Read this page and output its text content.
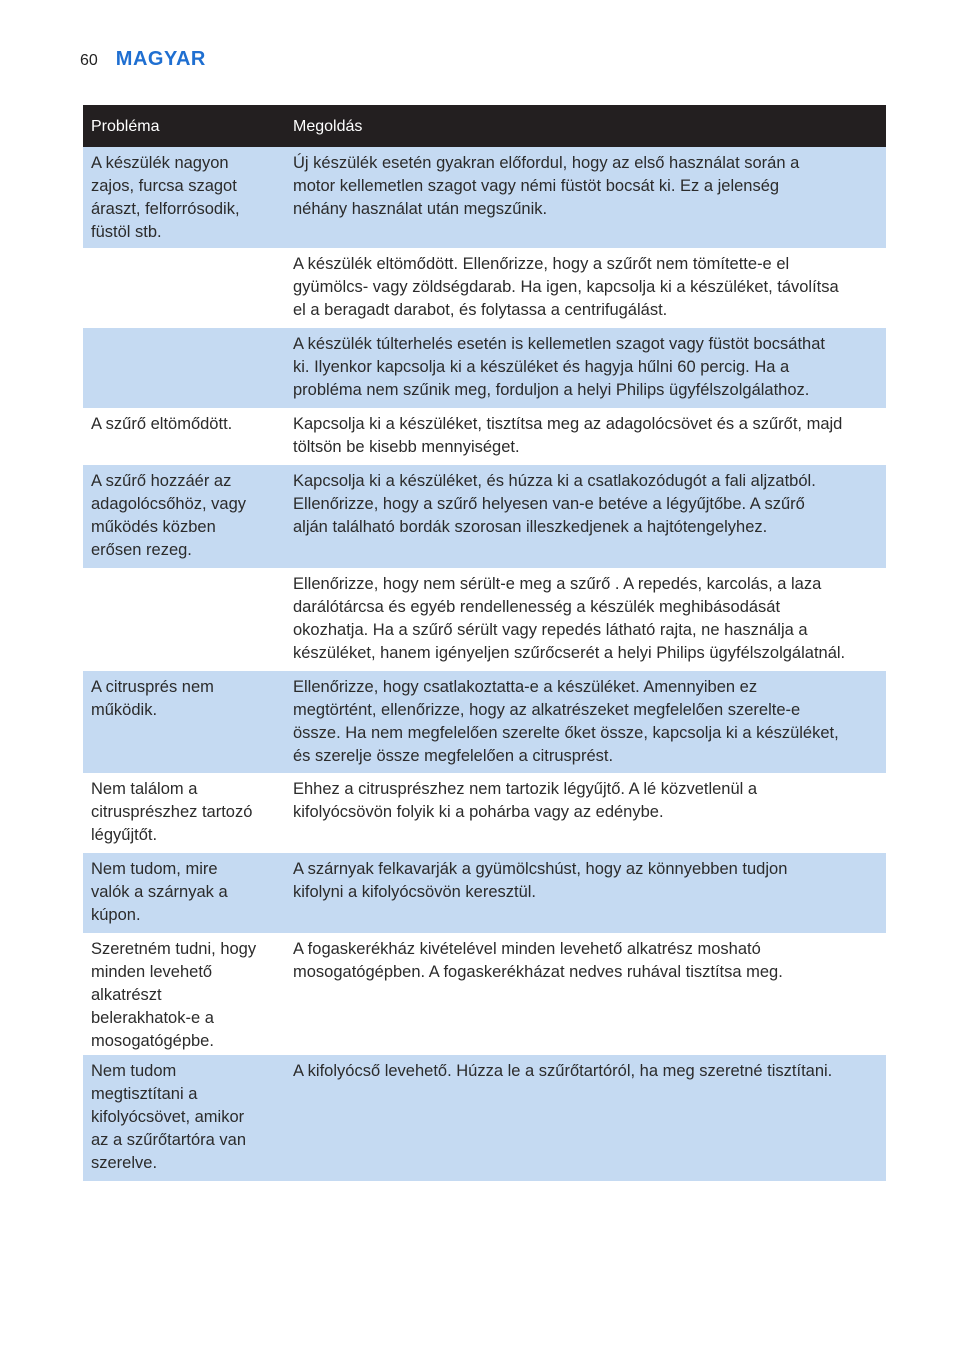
60 MAGYAR
Probléma	Megoldás
A készülék nagyon
zajos, furcsa szagot
áraszt, felforrósodik,
füstöl stb.
Új készülék esetén gyakran előfordul, hogy az első használat során a
motor kellemetlen szagot vagy némi füstöt bocsát ki. Ez a jelenség
néhány használat után megszűnik.
A készülék eltömődött. Ellenőrizze, hogy a szűrőt nem tömítette-e el
gyümölcs- vagy zöldségdarab. Ha igen, kapcsolja ki a készüléket, távolítsa
el a beragadt darabot, és folytassa a centrifugálást.
A készülék túlterhelés esetén is kellemetlen szagot vagy füstöt bocsáthat
ki. Ilyenkor kapcsolja ki a készüléket és hagyja hűlni 60 percig. Ha a
probléma nem szűnik meg, forduljon a helyi Philips ügyfélszolgálathoz.
A szűrő eltömődött.	Kapcsolja ki a készüléket, tisztítsa meg az adagolócsövet és a szűrőt, majd
töltsön be kisebb mennyiséget.
A szűrő hozzáér az
adagolócsőhöz, vagy
működés közben
erősen rezeg.
Kapcsolja ki a készüléket, és húzza ki a csatlakozódugót a fali aljzatból.
Ellenőrizze, hogy a szűrő helyesen van-e betéve a légyűjtőbe. A szűrő
alján található bordák szorosan illeszkedjenek a hajtótengelyhez.
Ellenőrizze, hogy nem sérült-e meg a szűrő . A repedés, karcolás, a laza
darálótárcsa és egyéb rendellenesség a készülék meghibásodását
okozhatja. Ha a szűrő sérült vagy repedés látható rajta, ne használja a
készüléket, hanem igényeljen szűrőcserét a helyi Philips ügyfélszolgálatnál.
A citrusprés nem
működik.
Ellenőrizze, hogy csatlakoztatta-e a készüléket. Amennyiben ez
megtörtént, ellenőrizze, hogy az alkatrészeket megfelelően szerelte-e
össze. Ha nem megfelelően szerelte őket össze, kapcsolja ki a készüléket,
és szerelje össze megfelelően a citrusprést.
Nem találom a
citrusprészhez tartozó
légyűjtőt.
Ehhez a citrusprészhez nem tartozik légyűjtő. A lé közvetlenül a
kifolyócsövön folyik ki a pohárba vagy az edénybe.
Nem tudom, mire
valók a szárnyak a
kúpon.
A szárnyak felkavarják a gyümölcshúst, hogy az könnyebben tudjon
kifolyni a kifolyócsövön keresztül.
Szeretném tudni, hogy
minden levehető
alkatrészt
belerakhatok-e a
mosogatógépbe.
A fogaskerékház kivételével minden levehető alkatrész mosható
mosogatógépben. A fogaskerékházat nedves ruhával tisztítsa meg.
Nem tudom
megtisztítani a
kifolyócsövet, amikor
az a szűrőtartóra van
szerelve.
A kifolyócső levehető. Húzza le a szűrőtartóról, ha meg szeretné tisztítani.
